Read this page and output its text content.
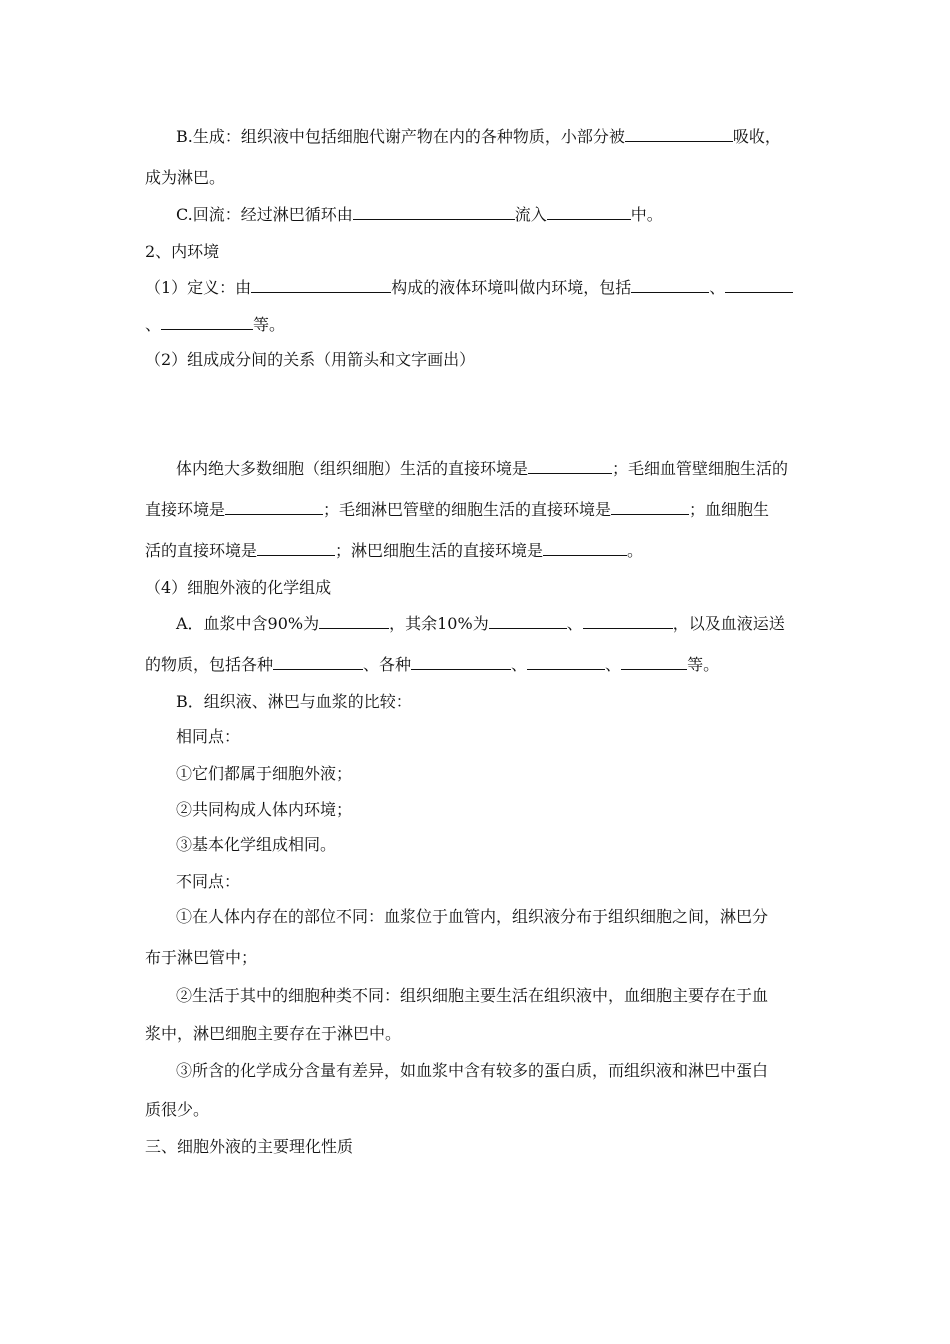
B.生成：组织液中包括细胞代谢产物在内的各种物质，小部分被	吸收，
成为淋巴。
C.回流：经过淋巴循环由	流入	中。
2、内环境
（1）定义：由	构成的液体环境叫做内环境，包括	、
、	等。
（2）组成成分间的关系（用箭头和文字画出）
体内绝大多数细胞（组织细胞）生活的直接环境是	；毛细血管壁细胞生活的
直接环境是	；毛细淋巴管壁的细胞生活的直接环境是	；血细胞生
活的直接环境是	；淋巴细胞生活的直接环境是	。
（4）细胞外液的化学组成
A．血浆中含90%为	，其余10%为	、	，以及血液运送
的物质，包括各种	、各种	、	、	等。
B．组织液、淋巴与血浆的比较：
相同点：
①它们都属于细胞外液；
②共同构成人体内环境；
③基本化学组成相同。
不同点：
①在人体内存在的部位不同：血浆位于血管内，组织液分布于组织细胞之间，淋巴分
布于淋巴管中；
②生活于其中的细胞种类不同：组织细胞主要生活在组织液中，血细胞主要存在于血
浆中，淋巴细胞主要存在于淋巴中。
③所含的化学成分含量有差异，如血浆中含有较多的蛋白质，而组织液和淋巴中蛋白
质很少。
三、细胞外液的主要理化性质
